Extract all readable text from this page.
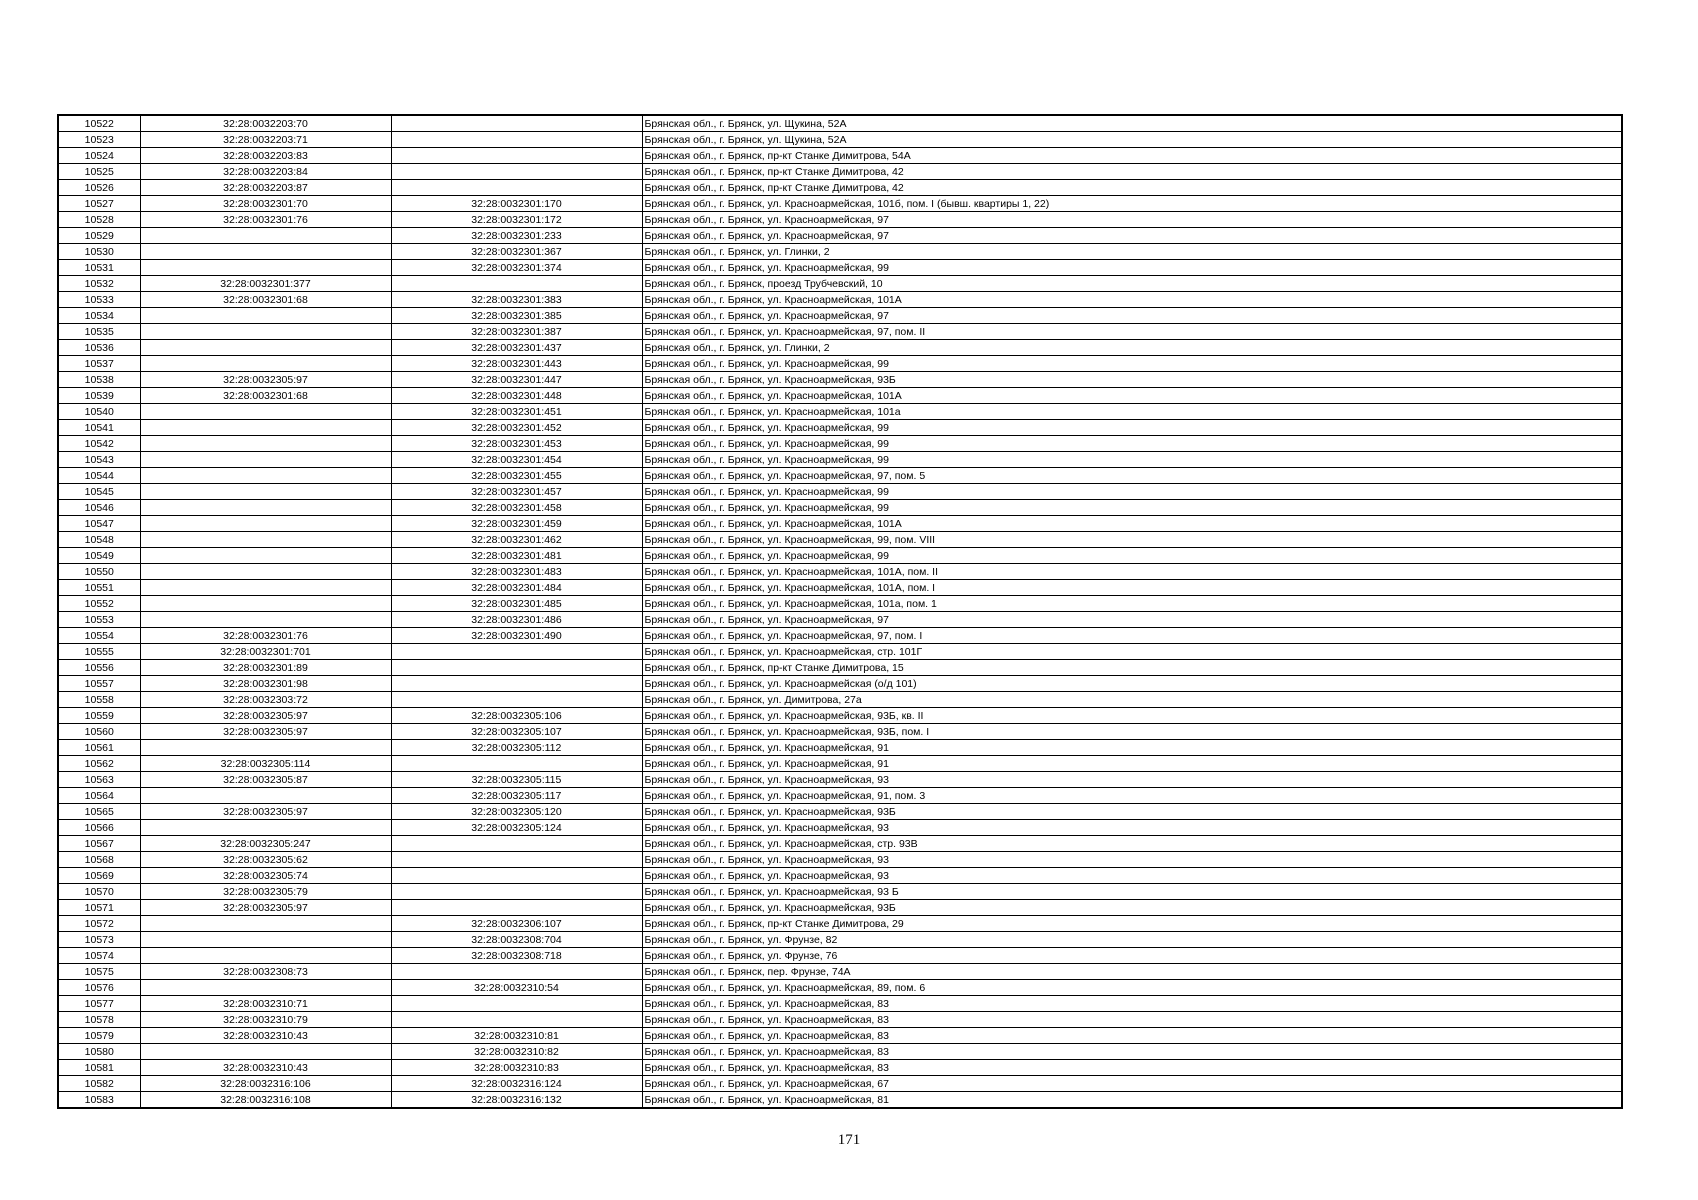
10522	32:28:0032203:70		Брянская обл., г. Брянск, ул. Щукина, 52А
10523	32:28:0032203:71		Брянская обл., г. Брянск, ул. Щукина, 52А
10524	32:28:0032203:83		Брянская обл., г. Брянск, пр-кт Станке Димитрова, 54А
10525	32:28:0032203:84		Брянская обл., г. Брянск, пр-кт Станке Димитрова, 42
10526	32:28:0032203:87		Брянская обл., г. Брянск, пр-кт Станке Димитрова, 42
10527	32:28:0032301:70	32:28:0032301:170	Брянская обл., г. Брянск, ул. Красноармейская, 101б, пом. I (бывш. квартиры 1, 22)
10528	32:28:0032301:76	32:28:0032301:172	Брянская обл., г. Брянск, ул. Красноармейская, 97
10529		32:28:0032301:233	Брянская обл., г. Брянск, ул. Красноармейская, 97
10530		32:28:0032301:367	Брянская обл., г. Брянск, ул. Глинки, 2
10531		32:28:0032301:374	Брянская обл., г. Брянск, ул. Красноармейская, 99
10532	32:28:0032301:377		Брянская обл., г. Брянск, проезд Трубчевский, 10
10533	32:28:0032301:68	32:28:0032301:383	Брянская обл., г. Брянск, ул. Красноармейская, 101А
10534		32:28:0032301:385	Брянская обл., г. Брянск, ул. Красноармейская, 97
10535		32:28:0032301:387	Брянская обл., г. Брянск, ул. Красноармейская, 97, пом. II
10536		32:28:0032301:437	Брянская обл., г. Брянск, ул. Глинки, 2
10537		32:28:0032301:443	Брянская обл., г. Брянск, ул. Красноармейская, 99
10538	32:28:0032305:97	32:28:0032301:447	Брянская обл., г. Брянск, ул. Красноармейская, 93Б
10539	32:28:0032301:68	32:28:0032301:448	Брянская обл., г. Брянск, ул. Красноармейская, 101А
10540		32:28:0032301:451	Брянская обл., г. Брянск, ул. Красноармейская, 101а
10541		32:28:0032301:452	Брянская обл., г. Брянск, ул. Красноармейская, 99
10542		32:28:0032301:453	Брянская обл., г. Брянск, ул. Красноармейская, 99
10543		32:28:0032301:454	Брянская обл., г. Брянск, ул. Красноармейская, 99
10544		32:28:0032301:455	Брянская обл., г. Брянск, ул. Красноармейская, 97, пом. 5
10545		32:28:0032301:457	Брянская обл., г. Брянск, ул. Красноармейская, 99
10546		32:28:0032301:458	Брянская обл., г. Брянск, ул. Красноармейская, 99
10547		32:28:0032301:459	Брянская обл., г. Брянск, ул. Красноармейская, 101А
10548		32:28:0032301:462	Брянская обл., г. Брянск, ул. Красноармейская, 99, пом. VIII
10549		32:28:0032301:481	Брянская обл., г. Брянск, ул. Красноармейская, 99
10550		32:28:0032301:483	Брянская обл., г. Брянск, ул. Красноармейская, 101А, пом. II
10551		32:28:0032301:484	Брянская обл., г. Брянск, ул. Красноармейская, 101А, пом. I
10552		32:28:0032301:485	Брянская обл., г. Брянск, ул. Красноармейская, 101а, пом. 1
10553		32:28:0032301:486	Брянская обл., г. Брянск, ул. Красноармейская, 97
10554	32:28:0032301:76	32:28:0032301:490	Брянская обл., г. Брянск, ул. Красноармейская, 97, пом. I
10555	32:28:0032301:701		Брянская обл., г. Брянск, ул. Красноармейская, стр. 101Г
10556	32:28:0032301:89		Брянская обл., г. Брянск, пр-кт Станке Димитрова, 15
10557	32:28:0032301:98		Брянская обл., г. Брянск, ул. Красноармейская (о/д 101)
10558	32:28:0032303:72		Брянская обл., г. Брянск, ул. Димитрова, 27а
10559	32:28:0032305:97	32:28:0032305:106	Брянская обл., г. Брянск, ул. Красноармейская, 93Б, кв. II
10560	32:28:0032305:97	32:28:0032305:107	Брянская обл., г. Брянск, ул. Красноармейская, 93Б, пом. I
10561		32:28:0032305:112	Брянская обл., г. Брянск, ул. Красноармейская, 91
10562	32:28:0032305:114		Брянская обл., г. Брянск, ул. Красноармейская, 91
10563	32:28:0032305:87	32:28:0032305:115	Брянская обл., г. Брянск, ул. Красноармейская, 93
10564		32:28:0032305:117	Брянская обл., г. Брянск, ул. Красноармейская, 91, пом. 3
10565	32:28:0032305:97	32:28:0032305:120	Брянская обл., г. Брянск, ул. Красноармейская, 93Б
10566		32:28:0032305:124	Брянская обл., г. Брянск, ул. Красноармейская, 93
10567	32:28:0032305:247		Брянская обл., г. Брянск, ул. Красноармейская, стр. 93В
10568	32:28:0032305:62		Брянская обл., г. Брянск, ул. Красноармейская, 93
10569	32:28:0032305:74		Брянская обл., г. Брянск, ул. Красноармейская, 93
10570	32:28:0032305:79		Брянская обл., г. Брянск, ул. Красноармейская, 93 Б
10571	32:28:0032305:97		Брянская обл., г. Брянск, ул. Красноармейская, 93Б
10572		32:28:0032306:107	Брянская обл., г. Брянск, пр-кт Станке Димитрова, 29
10573		32:28:0032308:704	Брянская обл., г. Брянск, ул. Фрунзе, 82
10574		32:28:0032308:718	Брянская обл., г. Брянск, ул. Фрунзе, 76
10575	32:28:0032308:73		Брянская обл., г. Брянск, пер. Фрунзе, 74А
10576		32:28:0032310:54	Брянская обл., г. Брянск, ул. Красноармейская, 89, пом. 6
10577	32:28:0032310:71		Брянская обл., г. Брянск, ул. Красноармейская, 83
10578	32:28:0032310:79		Брянская обл., г. Брянск, ул. Красноармейская, 83
10579	32:28:0032310:43	32:28:0032310:81	Брянская обл., г. Брянск, ул. Красноармейская, 83
10580		32:28:0032310:82	Брянская обл., г. Брянск, ул. Красноармейская, 83
10581	32:28:0032310:43	32:28:0032310:83	Брянская обл., г. Брянск, ул. Красноармейская, 83
10582	32:28:0032316:106	32:28:0032316:124	Брянская обл., г. Брянск, ул. Красноармейская, 67
10583	32:28:0032316:108	32:28:0032316:132	Брянская обл., г. Брянск, ул. Красноармейская, 81
171
